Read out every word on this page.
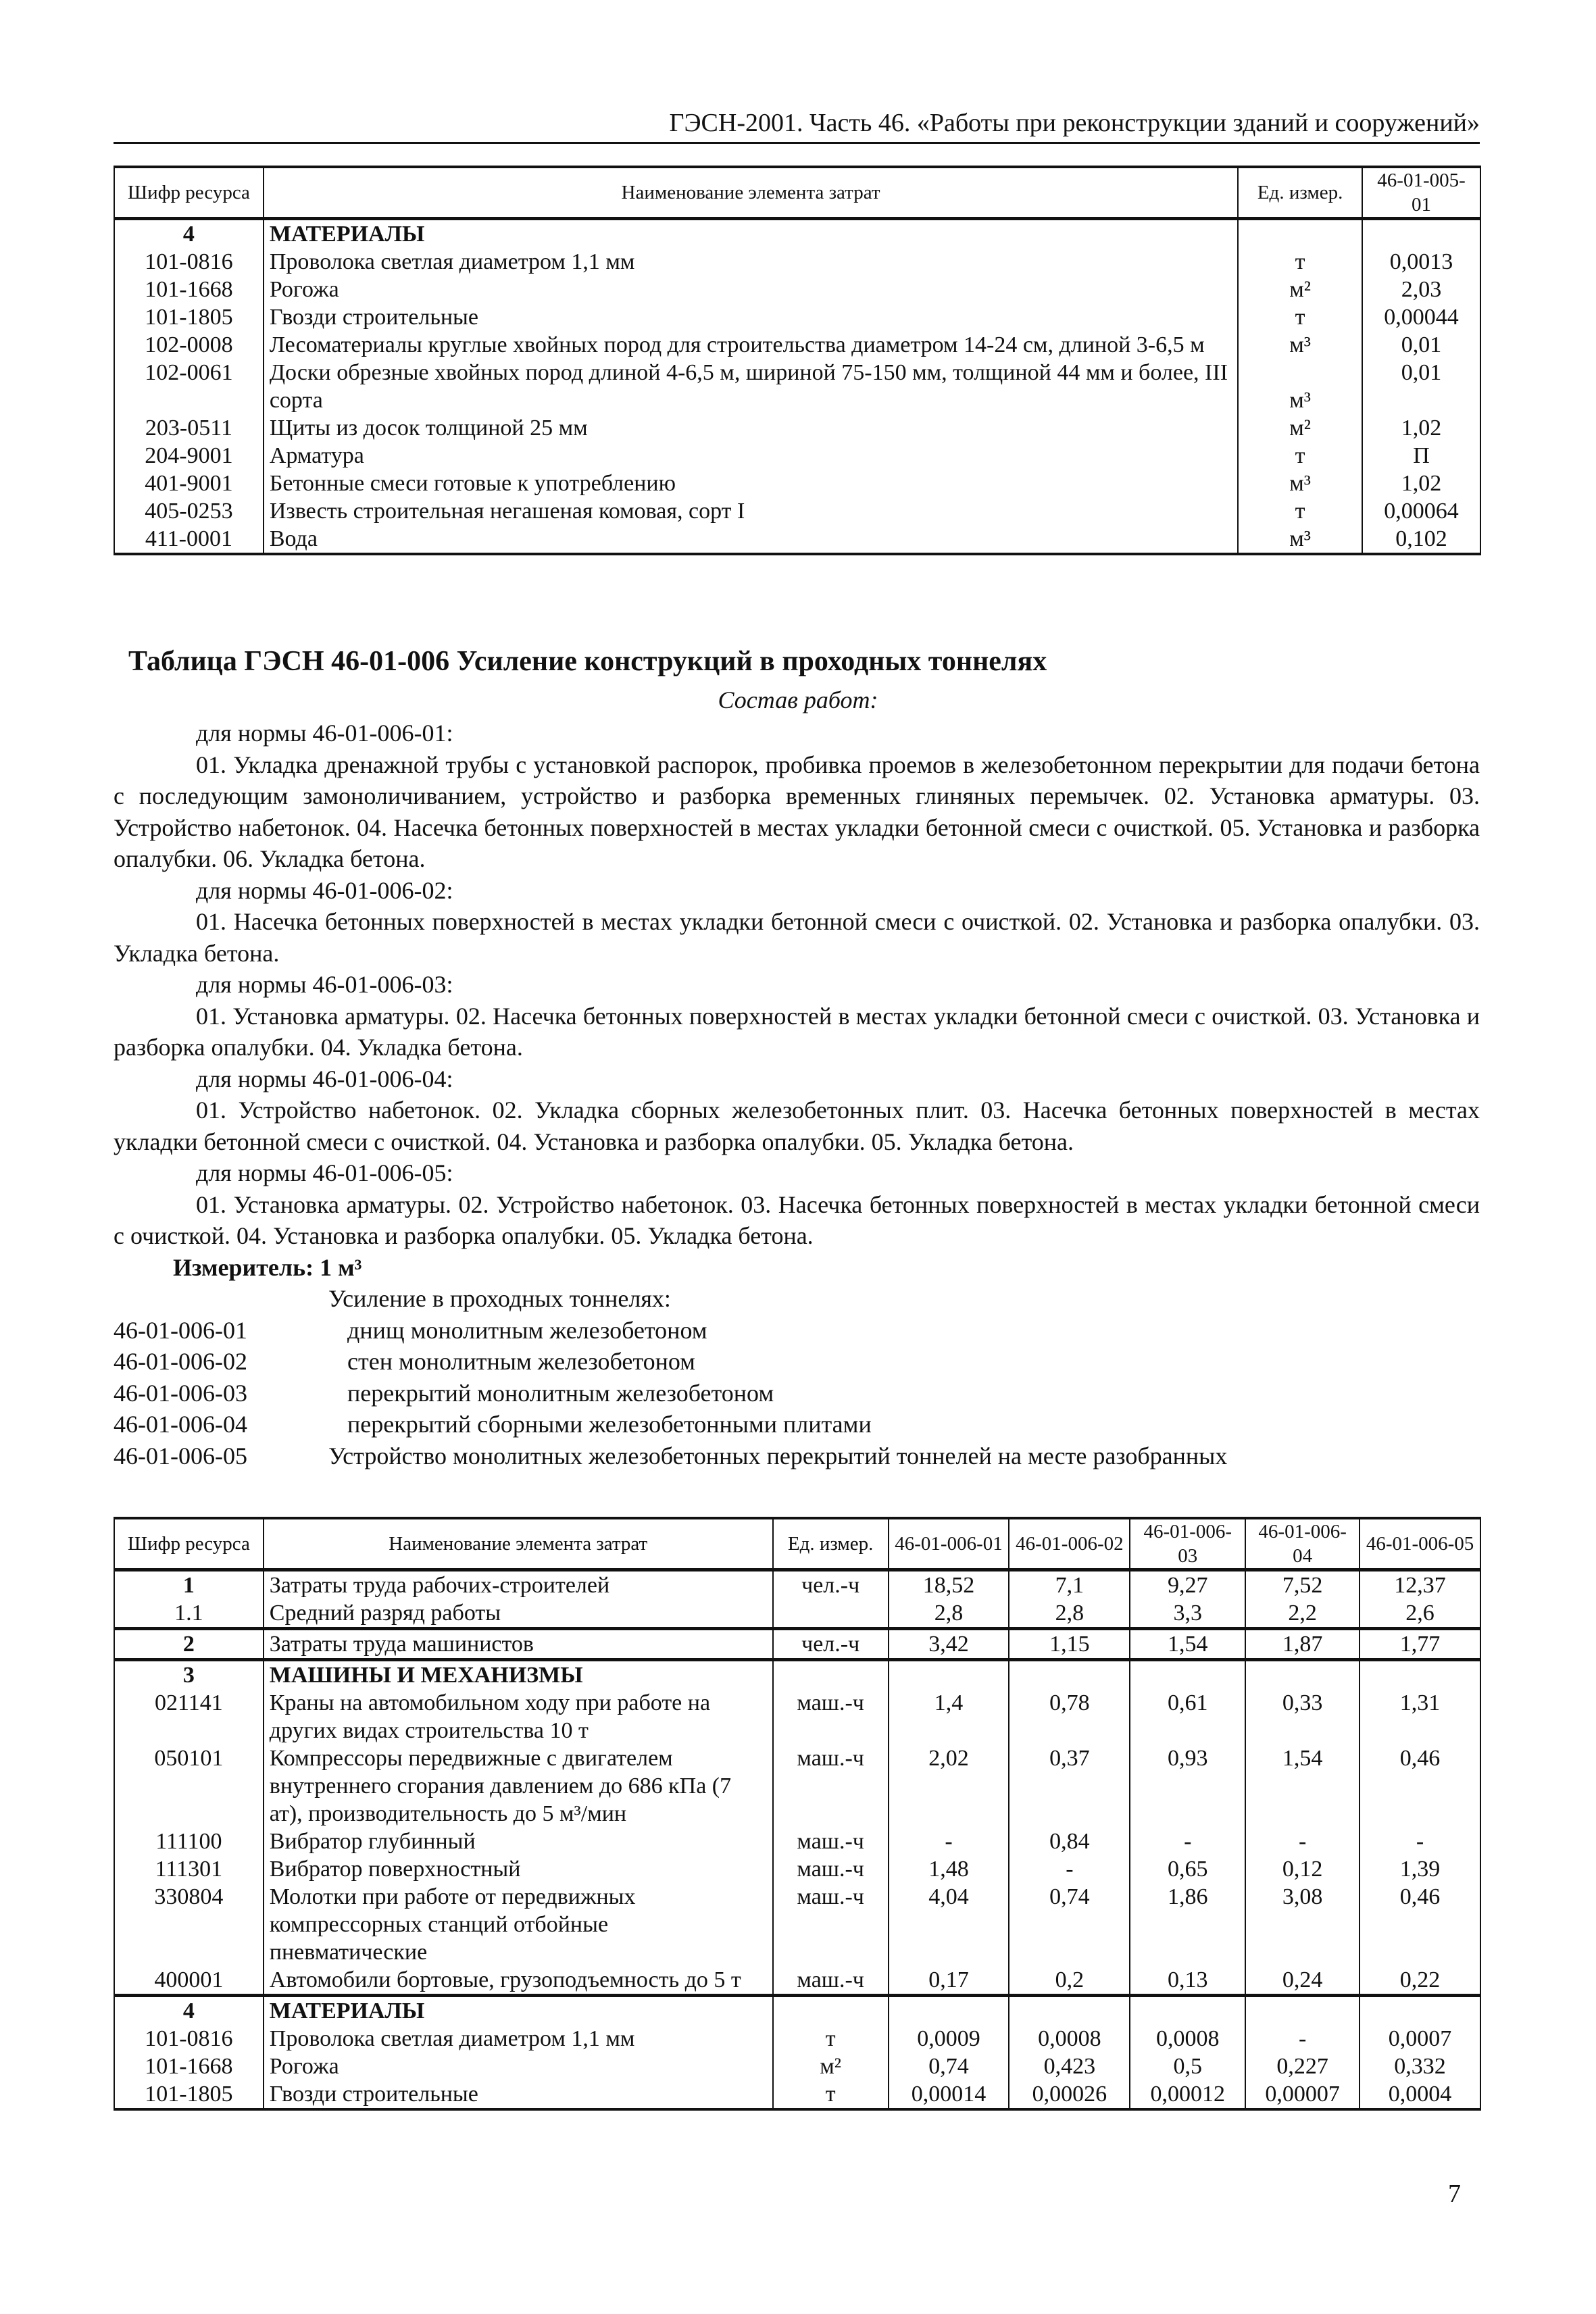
ГЭСН-2001. Часть 46. «Работы при реконструкции зданий и сооружений»
Шифр ресурса	Наименование элемента затрат	Ед. измер.	46-01-005-01
4	МАТЕРИАЛЫ		
101-0816	Проволока светлая диаметром 1,1 мм	т	0,0013
101-1668	Рогожа	м²	2,03
101-1805	Гвозди строительные	т	0,00044
102-0008	Лесоматериалы круглые хвойных пород для строительства диаметром 14-24 см, длиной 3-6,5 м	м³	0,01
102-0061	Доски обрезные хвойных пород длиной 4-6,5 м, шириной 75-150 мм, толщиной 44 мм и более, III сорта	м³	0,01
203-0511	Щиты из досок толщиной 25 мм	м²	1,02
204-9001	Арматура	т	П
401-9001	Бетонные смеси готовые к употреблению	м³	1,02
405-0253	Известь строительная негашеная комовая, сорт I	т	0,00064
411-0001	Вода	м³	0,102
Таблица ГЭСН 46-01-006 Усиление конструкций в проходных тоннелях
Состав работ:

для нормы 46-01-006-01:

01. Укладка дренажной трубы с установкой распорок, пробивка проемов в железобетонном перекрытии для подачи бетона с последующим замоноличиванием, устройство и разборка временных глиняных перемычек. 02. Установка арматуры. 03. Устройство набетонок. 04. Насечка бетонных поверхностей в местах укладки бетонной смеси с очисткой. 05. Установка и разборка опалубки. 06. Укладка бетона.

для нормы 46-01-006-02:

01. Насечка бетонных поверхностей в местах укладки бетонной смеси с очисткой. 02. Установка и разборка опалубки. 03. Укладка бетона.

для нормы 46-01-006-03:

01. Установка арматуры. 02. Насечка бетонных поверхностей в местах укладки бетонной смеси с очисткой. 03. Установка и разборка опалубки. 04. Укладка бетона.

для нормы 46-01-006-04:

01. Устройство набетонок. 02. Укладка сборных железобетонных плит. 03. Насечка бетонных поверхностей в местах укладки бетонной смеси с очисткой. 04. Установка и разборка опалубки. 05. Укладка бетона.

для нормы 46-01-006-05:

01. Установка арматуры. 02. Устройство набетонок. 03. Насечка бетонных поверхностей в местах укладки бетонной смеси с очисткой. 04. Установка и разборка опалубки. 05. Укладка бетона.

Измеритель: 1 м³

Усиление в проходных тоннелях:
46-01-006-01	днищ монолитным железобетоном
46-01-006-02	стен монолитным железобетоном
46-01-006-03	перекрытий монолитным железобетоном
46-01-006-04	перекрытий сборными железобетонными плитами
46-01-006-05	Устройство монолитных железобетонных перекрытий тоннелей на месте разобранных
Шифр ресурса	Наименование элемента затрат	Ед. измер.	46-01-006-01	46-01-006-02	46-01-006-03	46-01-006-04	46-01-006-05
1	Затраты труда рабочих-строителей	чел.-ч	18,52	7,1	9,27	7,52	12,37
1.1	Средний разряд работы		2,8	2,8	3,3	2,2	2,6
2	Затраты труда машинистов	чел.-ч	3,42	1,15	1,54	1,87	1,77
3	МАШИНЫ И МЕХАНИЗМЫ						
021141	Краны на автомобильном ходу при работе на других видах строительства 10 т	маш.-ч	1,4	0,78	0,61	0,33	1,31
050101	Компрессоры передвижные с двигателем внутреннего сгорания давлением до 686 кПа (7 ат), производительность до 5 м³/мин	маш.-ч	2,02	0,37	0,93	1,54	0,46
111100	Вибратор глубинный	маш.-ч	-	0,84	-	-	-
111301	Вибратор поверхностный	маш.-ч	1,48	-	0,65	0,12	1,39
330804	Молотки при работе от передвижных компрессорных станций отбойные пневматические	маш.-ч	4,04	0,74	1,86	3,08	0,46
400001	Автомобили бортовые, грузоподъемность до 5 т	маш.-ч	0,17	0,2	0,13	0,24	0,22
4	МАТЕРИАЛЫ						
101-0816	Проволока светлая диаметром 1,1 мм	т	0,0009	0,0008	0,0008	-	0,0007
101-1668	Рогожа	м²	0,74	0,423	0,5	0,227	0,332
101-1805	Гвозди строительные	т	0,00014	0,00026	0,00012	0,00007	0,0004
7
